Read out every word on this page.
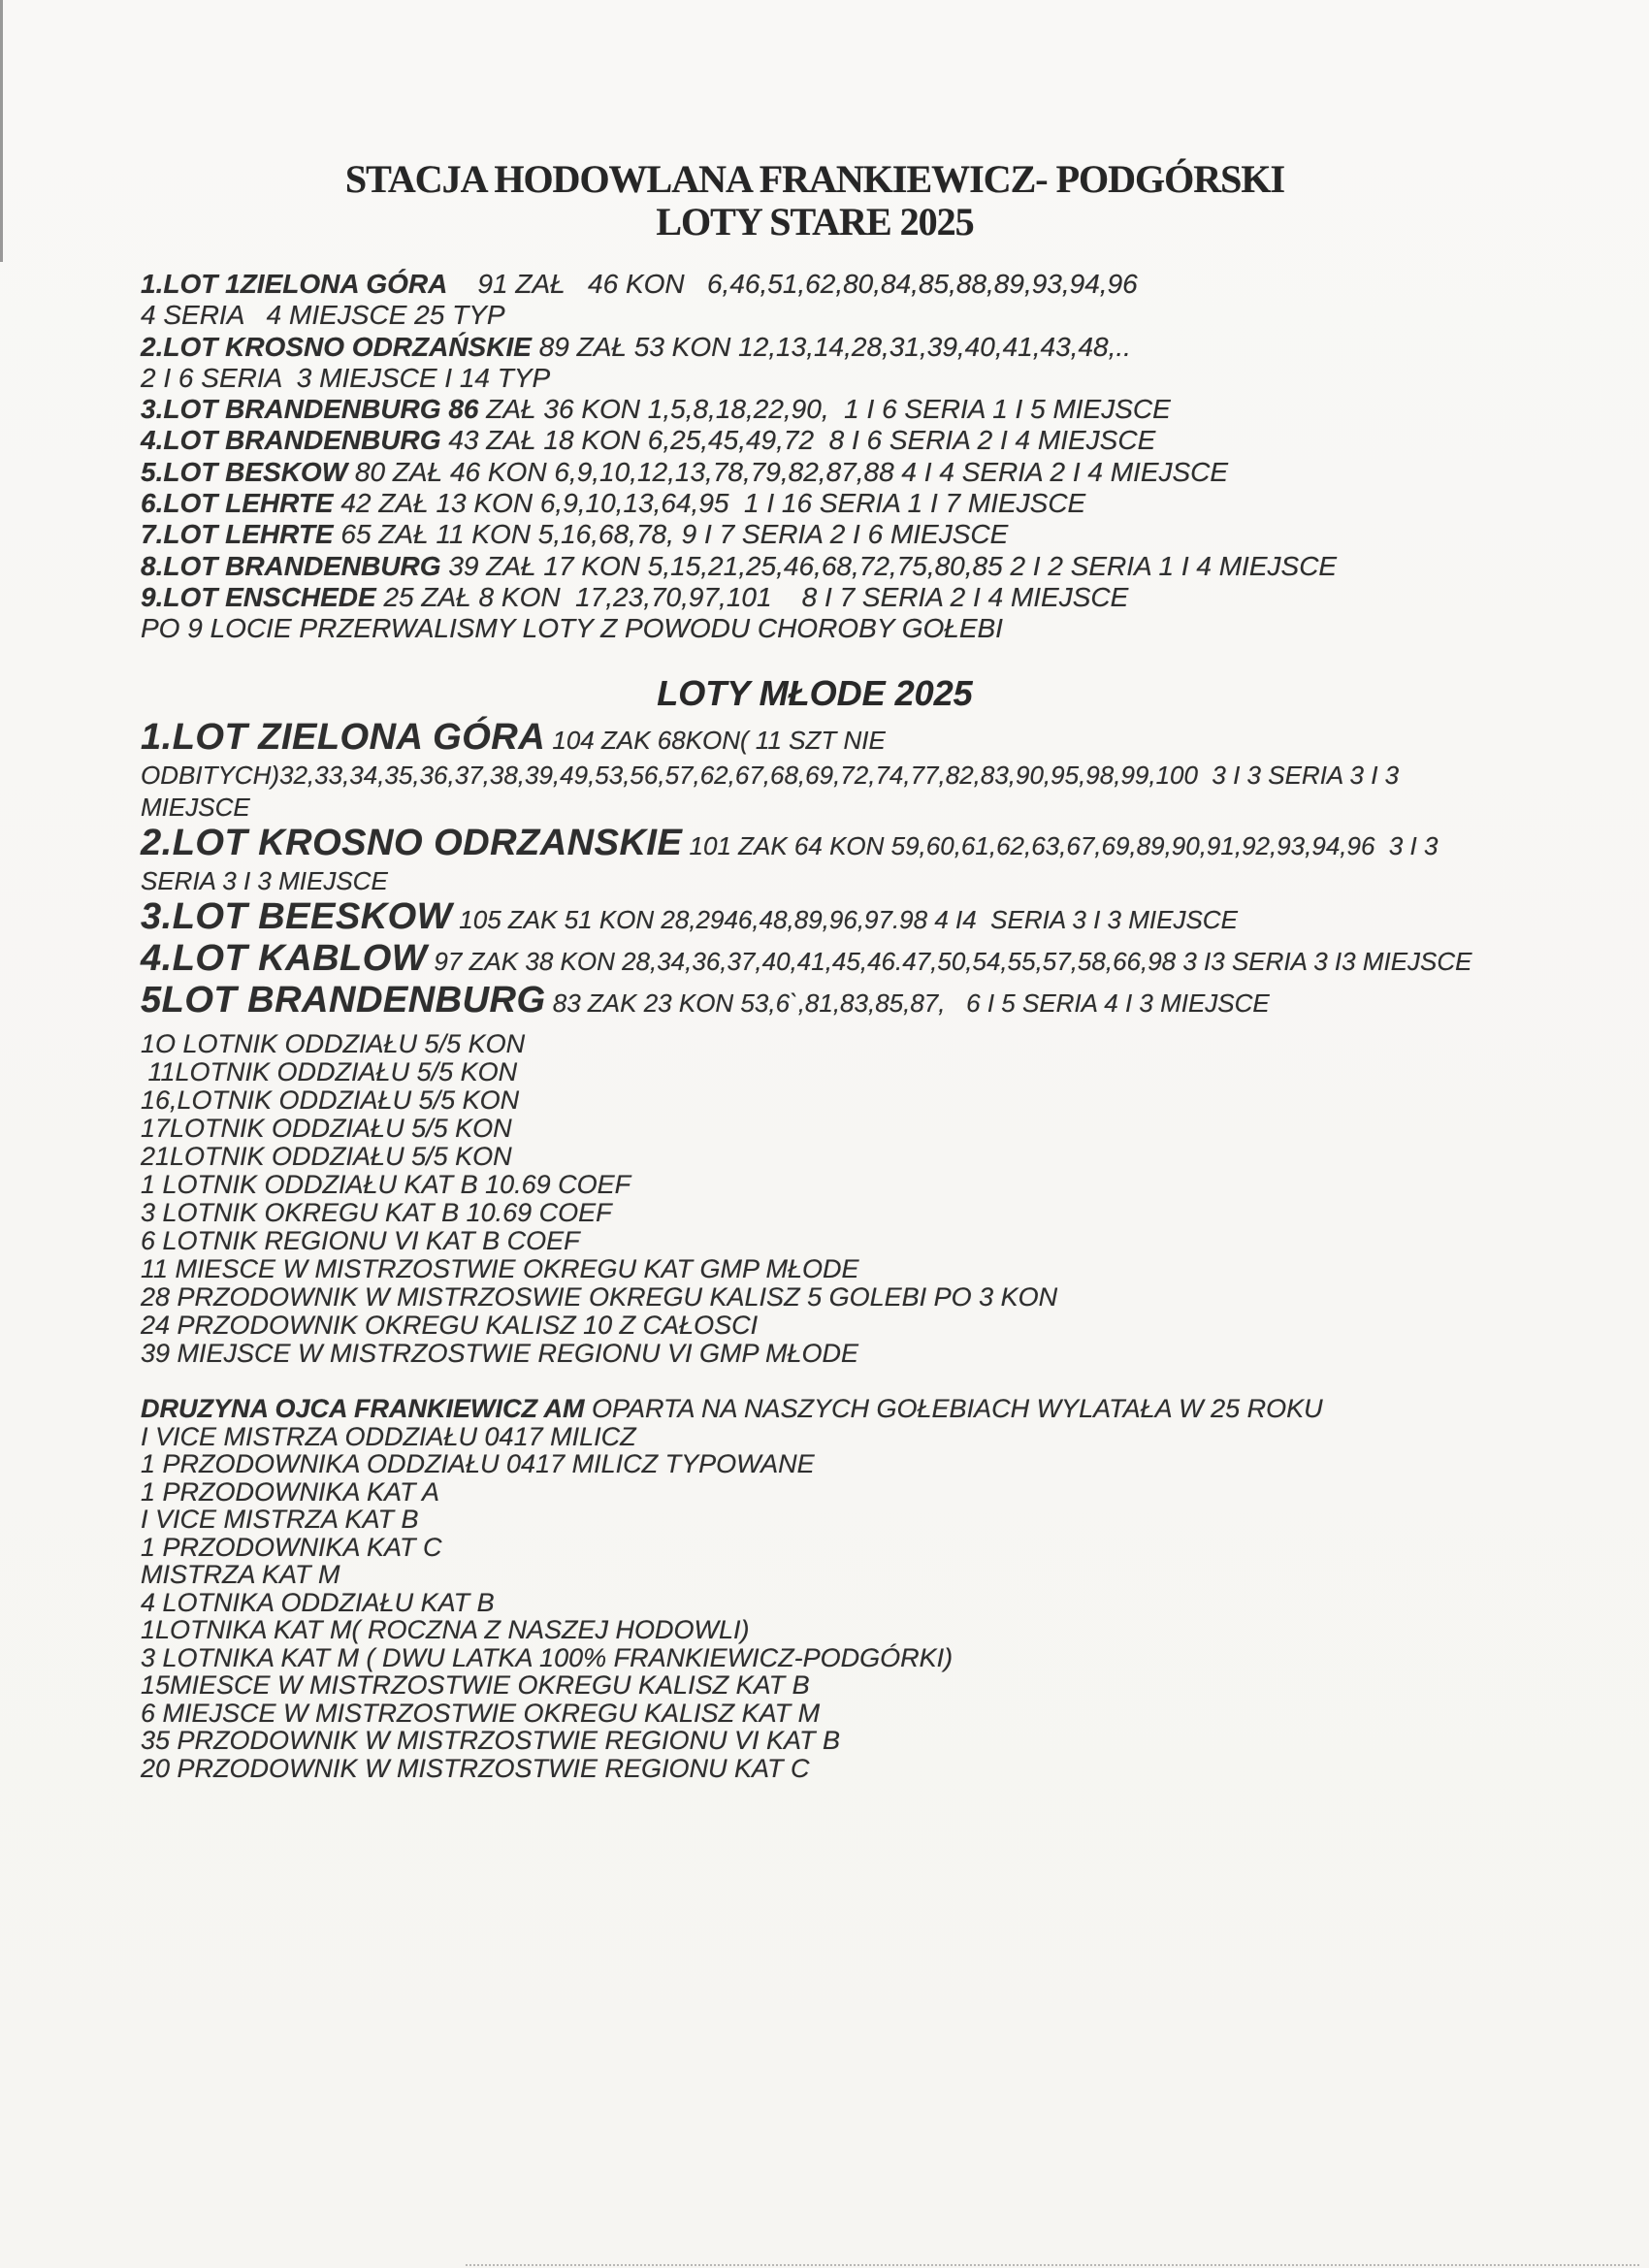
STACJA HODOWLANA FRANKIEWICZ- PODGÓRSKI
LOTY STARE 2025

1.LOT 1ZIELONA GÓRA    91 ZAŁ   46 KON   6,46,51,62,80,84,85,88,89,93,94,96

4 SERIA   4 MIEJSCE 25 TYP

2.LOT KROSNO ODRZAŃSKIE 89 ZAŁ 53 KON 12,13,14,28,31,39,40,41,43,48,..

2 I 6 SERIA  3 MIEJSCE I 14 TYP

3.LOT BRANDENBURG 86 ZAŁ 36 KON 1,5,8,18,22,90,  1 I 6 SERIA 1 I 5 MIEJSCE

4.LOT BRANDENBURG 43 ZAŁ 18 KON 6,25,45,49,72  8 I 6 SERIA 2 I 4 MIEJSCE

5.LOT BESKOW 80 ZAŁ 46 KON 6,9,10,12,13,78,79,82,87,88 4 I 4 SERIA 2 I 4 MIEJSCE

6.LOT LEHRTE 42 ZAŁ 13 KON 6,9,10,13,64,95  1 I 16 SERIA 1 I 7 MIEJSCE

7.LOT LEHRTE 65 ZAŁ 11 KON 5,16,68,78, 9 I 7 SERIA 2 I 6 MIEJSCE

8.LOT BRANDENBURG 39 ZAŁ 17 KON 5,15,21,25,46,68,72,75,80,85 2 I 2 SERIA 1 I 4 MIEJSCE

9.LOT ENSCHEDE 25 ZAŁ 8 KON  17,23,70,97,101    8 I 7 SERIA 2 I 4 MIEJSCE

PO 9 LOCIE PRZERWALISMY LOTY Z POWODU CHOROBY GOŁEBI

LOTY MŁODE 2025

1.LOT ZIELONA GÓRA 104 ZAK 68KON( 11 SZT NIE

ODBITYCH)32,33,34,35,36,37,38,39,49,53,56,57,62,67,68,69,72,74,77,82,83,90,95,98,99,100  3 I 3 SERIA 3 I 3

MIEJSCE

2.LOT KROSNO ODRZANSKIE 101 ZAK 64 KON 59,60,61,62,63,67,69,89,90,91,92,93,94,96  3 I 3

SERIA 3 I 3 MIEJSCE

3.LOT BEESKOW 105 ZAK 51 KON 28,2946,48,89,96,97.98 4 I4  SERIA 3 I 3 MIEJSCE

4.LOT KABLOW 97 ZAK 38 KON 28,34,36,37,40,41,45,46.47,50,54,55,57,58,66,98 3 I3 SERIA 3 I3 MIEJSCE

5LOT BRANDENBURG 83 ZAK 23 KON 53,6`,81,83,85,87,   6 I 5 SERIA 4 I 3 MIEJSCE

1O LOTNIK ODDZIAŁU 5/5 KON

11LOTNIK ODDZIAŁU 5/5 KON

16,LOTNIK ODDZIAŁU 5/5 KON

17LOTNIK ODDZIAŁU 5/5 KON

21LOTNIK ODDZIAŁU 5/5 KON

1 LOTNIK ODDZIAŁU KAT B 10.69 COEF

3 LOTNIK OKREGU KAT B 10.69 COEF

6 LOTNIK REGIONU VI KAT B COEF

11 MIESCE W MISTRZOSTWIE OKREGU KAT GMP MŁODE

28 PRZODOWNIK W MISTRZOSWIE OKREGU KALISZ 5 GOLEBI PO 3 KON

24 PRZODOWNIK OKREGU KALISZ 10 Z CAŁOSCI

39 MIEJSCE W MISTRZOSTWIE REGIONU VI GMP MŁODE

DRUZYNA OJCA FRANKIEWICZ AM OPARTA NA NASZYCH GOŁEBIACH WYLATAŁA W 25 ROKU

I VICE MISTRZA ODDZIAŁU 0417 MILICZ

1 PRZODOWNIKA ODDZIAŁU 0417 MILICZ TYPOWANE

1 PRZODOWNIKA KAT A

I VICE MISTRZA KAT B

1 PRZODOWNIKA KAT C

MISTRZA KAT M

4 LOTNIKA ODDZIAŁU KAT B

1LOTNIKA KAT M( ROCZNA Z NASZEJ HODOWLI)

3 LOTNIKA KAT M ( DWU LATKA 100% FRANKIEWICZ-PODGÓRKI)

15MIESCE W MISTRZOSTWIE OKREGU KALISZ KAT B

6 MIEJSCE W MISTRZOSTWIE OKREGU KALISZ KAT M

35 PRZODOWNIK W MISTRZOSTWIE REGIONU VI KAT B

20 PRZODOWNIK W MISTRZOSTWIE REGIONU KAT C
